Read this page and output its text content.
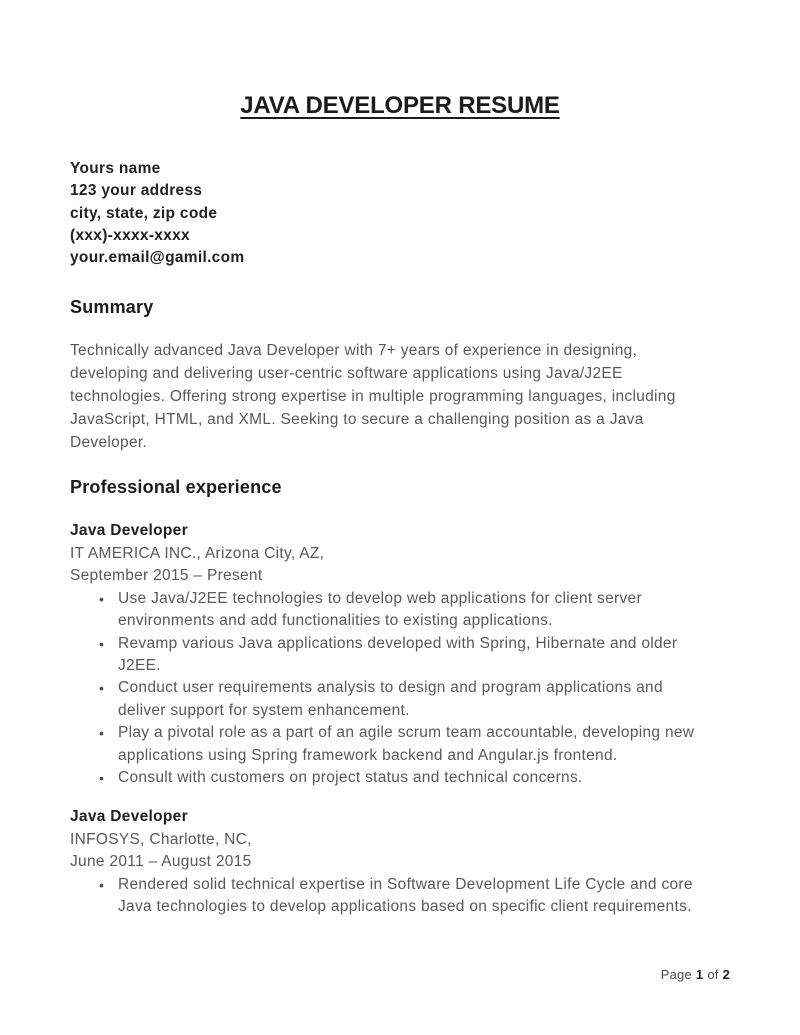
JAVA DEVELOPER RESUME
Yours name
123 your address
city, state, zip code
(xxx)-xxxx-xxxx
your.email@gamil.com
Summary

Technically advanced Java Developer with 7+ years of experience in designing, developing and delivering user-centric software applications using Java/J2EE technologies. Offering strong expertise in multiple programming languages, including JavaScript, HTML, and XML. Seeking to secure a challenging position as a Java Developer.

Professional experience
Java Developer
IT AMERICA INC., Arizona City, AZ,
September 2015 – Present
• Use Java/J2EE technologies to develop web applications for client server environments and add functionalities to existing applications.
• Revamp various Java applications developed with Spring, Hibernate and older J2EE.
• Conduct user requirements analysis to design and program applications and deliver support for system enhancement.
• Play a pivotal role as a part of an agile scrum team accountable, developing new applications using Spring framework backend and Angular.js frontend.
• Consult with customers on project status and technical concerns.
Java Developer
INFOSYS, Charlotte, NC,
June 2011 – August 2015
• Rendered solid technical expertise in Software Development Life Cycle and core Java technologies to develop applications based on specific client requirements.
Page 1 of 2
